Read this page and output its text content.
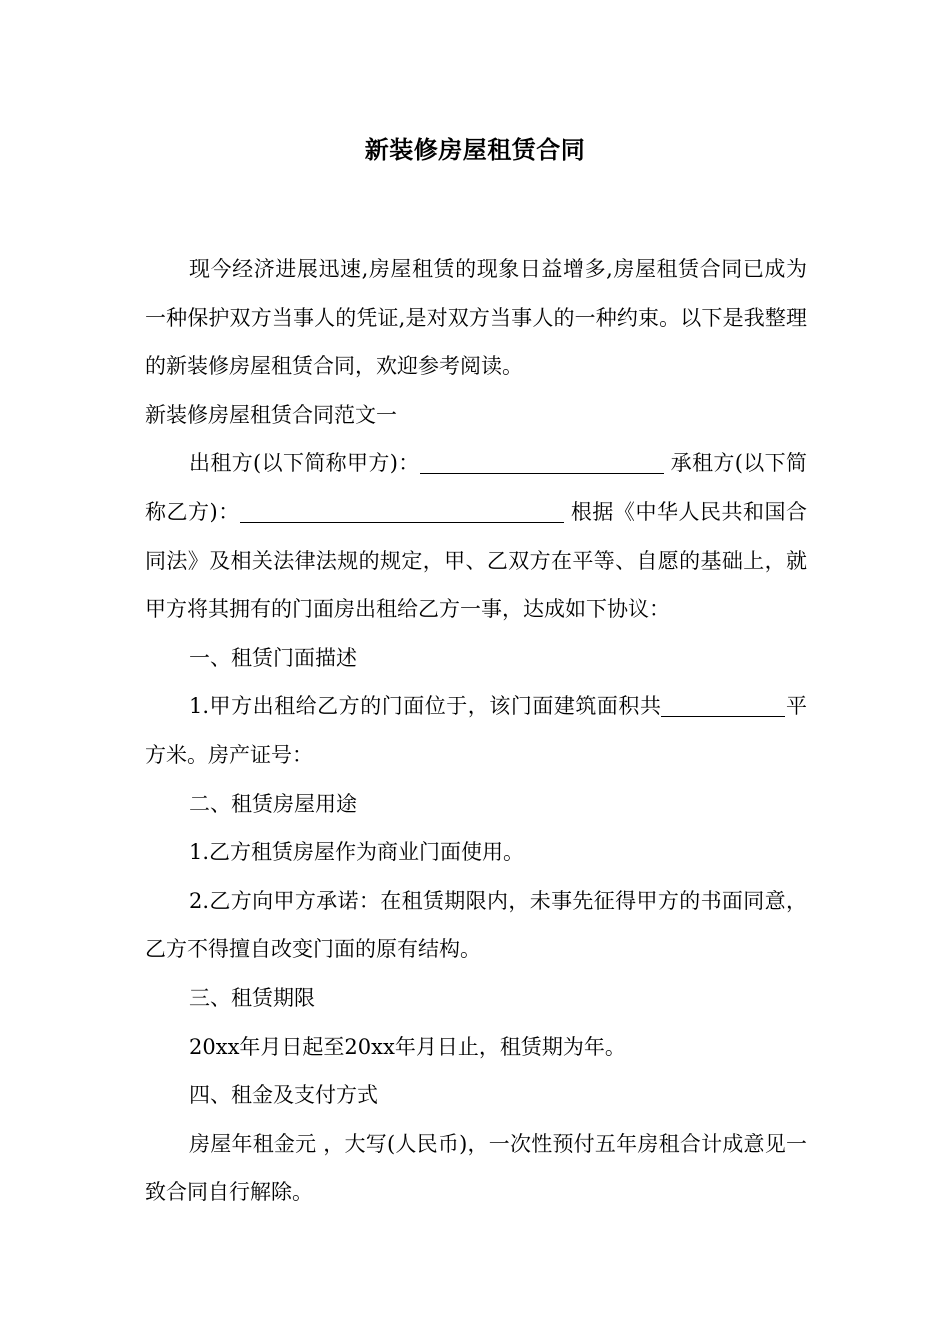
新装修房屋租赁合同

现今经济进展迅速,房屋租赁的现象日益增多,房屋租赁合同已成为一种保护双方当事人的凭证,是对双方当事人的一种约束。以下是我整理的新装修房屋租赁合同，欢迎参考阅读。

新装修房屋租赁合同范文一

出租方(以下简称甲方)：	承租方(以下简称乙方)：	根据《中华人民共和国合同法》及相关法律法规的规定，甲、乙双方在平等、自愿的基础上，就甲方将其拥有的门面房出租给乙方一事，达成如下协议：

一、租赁门面描述

1.甲方出租给乙方的门面位于，该门面建筑面积共	平方米。房产证号：

二、租赁房屋用途

1.乙方租赁房屋作为商业门面使用。

2.乙方向甲方承诺：在租赁期限内，未事先征得甲方的书面同意，乙方不得擅自改变门面的原有结构。

三、租赁期限

20xx年月日起至20xx年月日止，租赁期为年。

四、租金及支付方式

房屋年租金元 ，大写(人民币)，一次性预付五年房租合计成意见一致合同自行解除。
